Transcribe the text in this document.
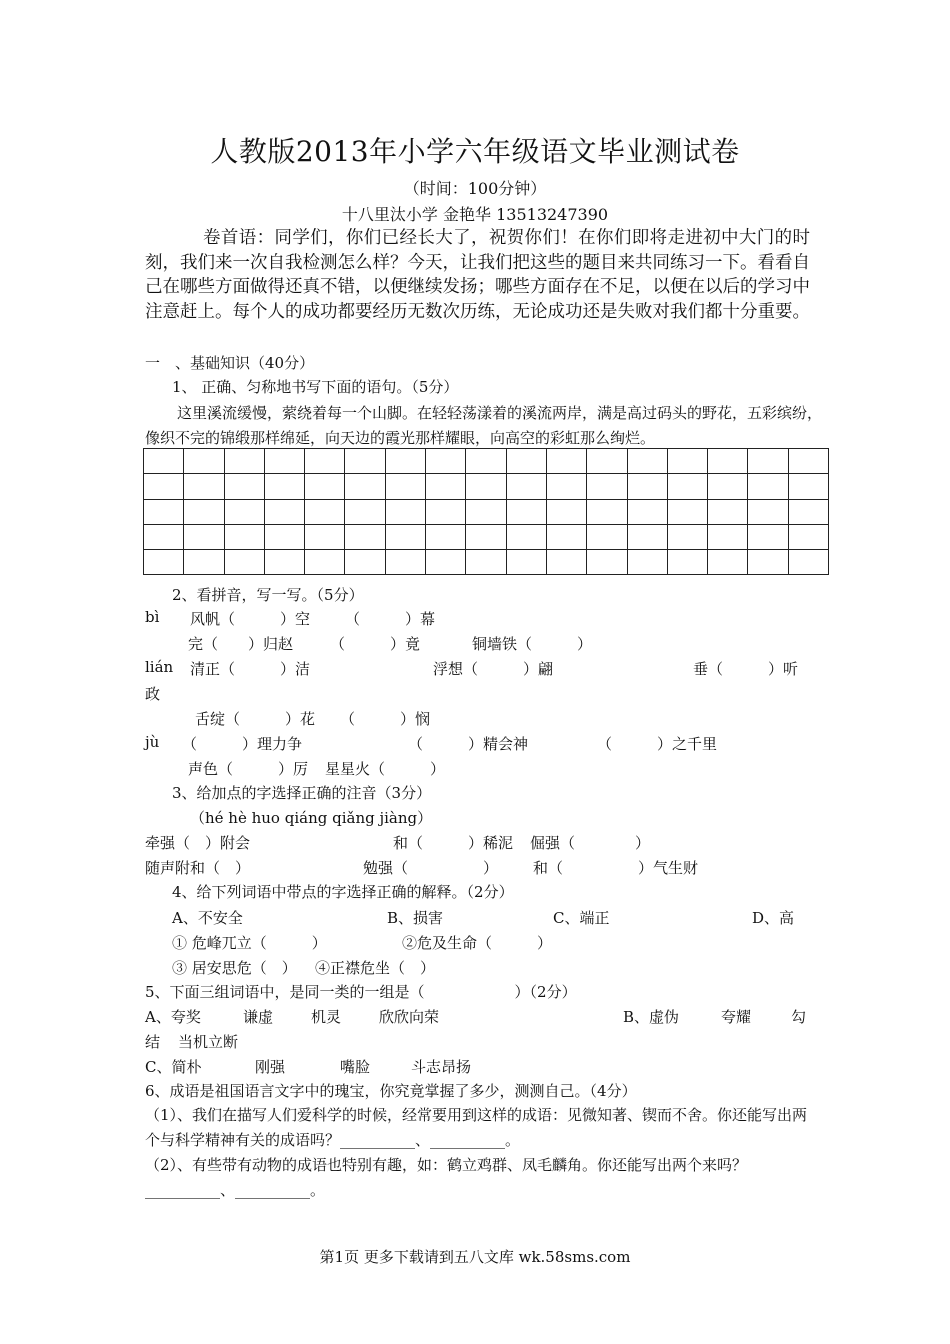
人教版2013年小学六年级语文毕业测试卷
（时间：100分钟）
十八里汰小学 金艳华 13513247390
卷首语：同学们，你们已经长大了，祝贺你们！在你们即将走进初中大门的时刻，我们来一次自我检测怎么样？今天，让我们把这些的题目来共同练习一下。看看自己在哪些方面做得还真不错，以便继续发扬；哪些方面存在不足，以便在以后的学习中注意赶上。每个人的成功都要经历无数次历练，无论成功还是失败对我们都十分重要。
一　、基础知识（40分）
1、 正确、匀称地书写下面的语句。（5分）
这里溪流缓慢，萦绕着每一个山脚。在轻轻荡漾着的溪流两岸，满是高过码头的野花，五彩缤纷，像织不完的锦缎那样绵延，向天边的霞光那样耀眼，向高空的彩虹那么绚烂。

2、看拼音，写一写。（5分）
bì 风帆（　　　）空 （　　　）幕
完（　　）归赵 （　　　）竟	铜墙铁（　　　）
lián 清正（　　　）洁	浮想（　　　）翩	垂（　　　）听
政
舌绽（　　　）花 （　　　）悯
jù （　　　）理力争	（　　　）精会神	（　　　）之千里
声色（　　　）厉 星星火（　　　）
3、给加点的字选择正确的注音（3分）
（hé hè huo qiáng qiǎng jiàng）
牵强（　）附会	和（　　　）稀泥 倔强（　　　　）
随声附和（　）	勉强（　　　　　） 和（　　　　　）气生财
4、给下列词语中带点的字选择正确的解释。（2分）
A、不安全	B、损害	C、端正	D、高
① 危峰兀立（　　　）	②危及生命（　　　）
③ 居安思危（　） ④正襟危坐（　）
5、下面三组词语中，是同一类的一组是（　　　　　　）（2分）
A、夸奖	谦虚	机灵	欣欣向荣	B、虚伪	夸耀	勾
结 当机立断
C、简朴	刚强	嘴脸	斗志昂扬
6、成语是祖国语言文字中的瑰宝，你究竟掌握了多少，测测自己。（4分）
（1）、我们在描写人们爱科学的时候，经常要用到这样的成语：见微知著、锲而不舍。你还能写出两个与科学精神有关的成语吗？__________、__________。
（2）、有些带有动物的成语也特别有趣，如：鹤立鸡群、凤毛麟角。你还能写出两个来吗？__________、__________。
第1页 更多下载请到五八文库 wk.58sms.com
